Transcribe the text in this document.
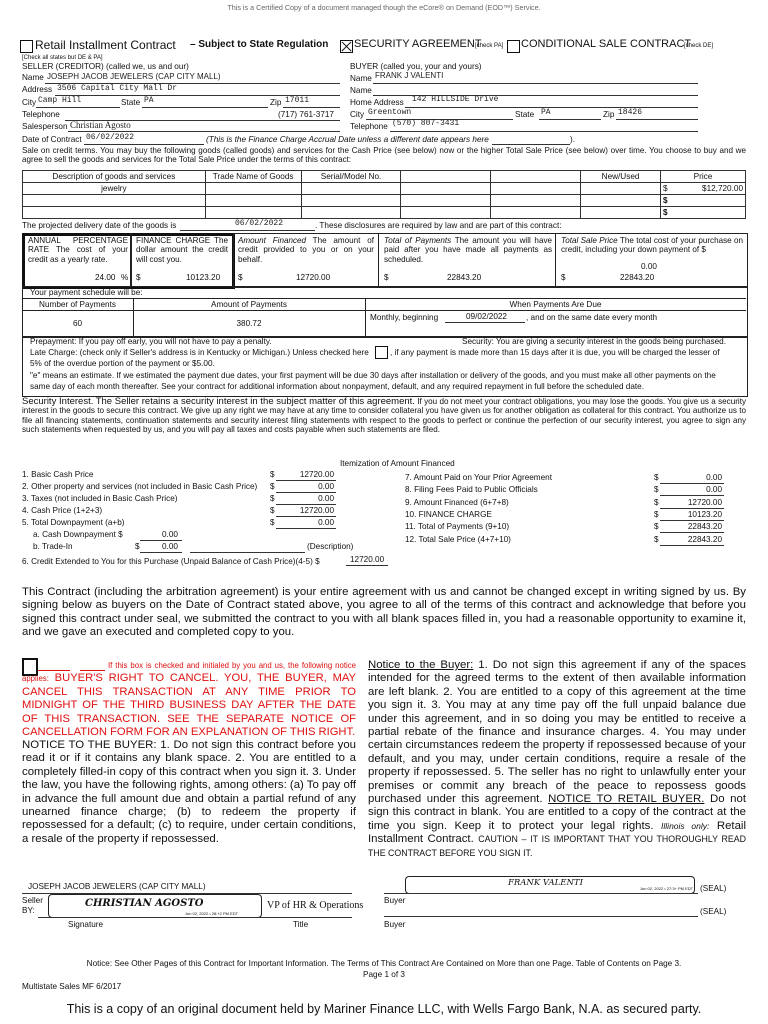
This is a Certified Copy of a document managed though the eCore® on Demand (EOD™) Service.
Retail Installment Contract – Subject to State Regulation SECURITY AGREEMENT
[check PA] CONDITIONAL SALE CONTRACT
[check DE]
[Check all states but DE & PA]
SELLER (CREDITOR) (called we, us and our)
Name JOSEPH JACOB JEWELERS (CAP CITY MALL)
Address 3506 Capital City Mall Dr
City Camp Hill	State PA	Zip 17011
Telephone	(717) 761-3717
Salesperson Christian Agosto
BUYER (called you, your and yours)
Name FRANK J VALENTI
Name
Home Address 142 HILLSIDE Drive
City Greentown	State PA	Zip 18426
Telephone (570) 807-3431
Date of Contract 06/02/2022	(This is the Finance Charge Accrual Date unless a different date appears here	).
Sale on credit terms. You may buy the following goods (called goods) and services for the Cash Price (see below) now or the higher Total Sale Price (see below) over time. You choose to buy and we agree to sell the goods and services for the Total Sale Price under the terms of this contract:
Description of goods and services	Trade Name of Goods	Serial/Model No.			New/Used	Price	
jewelry						$	$12,720.00
						$	
						$	
The projected delivery date of the goods is	06/02/2022	. These disclosures are required by law and are part of this contract:
ANNUAL PERCENTAGE RATE The cost of your credit as a yearly rate.
24.00 %
FINANCE CHARGE The dollar amount the credit will cost you.
$	10123.20
Amount Financed The amount of credit provided to you or on your behalf.
$	12720.00
Total of Payments The amount you will have paid after you have made all payments as scheduled.
$	22843.20
Total Sale Price The total cost of your purchase on credit, including your down payment of $
0.00
$	22843.20
Your payment schedule will be:
Number of Payments	Amount of Payments	When Payments Are Due
60	380.72
Monthly, beginning	09/02/2022 , and on the same date every month
Prepayment: If you pay off early, you will not have to pay a penalty.	Security: You are giving a security interest in the goods being purchased.
Late Charge: (check only if Seller's address is in Kentucky or Michigan.) Unless checked here	, if any payment is made more than 15 days after it is due, you will be charged the lesser of
5% of the overdue portion of the payment or $5.00.
"e" means an estimate. If we estimated the payment due dates, your first payment will be due 30 days after installation or delivery of the goods, and you must make all other payments on the
same day of each month thereafter. See your contract for additional information about nonpayment, default, and any required repayment in full before the scheduled date.
Security Interest. The Seller retains a security interest in the subject matter of this agreement. If you do not meet your contract obligations, you may lose the goods. You give us a security interest in the goods to secure this contract. We give up any right we may have at any time to consider collateral you have given us for another obligation as collateral for this contract. You authorize us to file all financing statements, continuation statements and security interest filing statements with respect to the goods to perfect or continue the perfection of our security interest, you agree to sign any such statements when requested by us, and you will pay all taxes and costs payable when such statements are filed.
Itemization of Amount Financed
1. Basic Cash Price	$	12720.00
2. Other property and services (not included in Basic Cash Price) $	0.00
3. Taxes (not included in Basic Cash Price)	$	0.00
4. Cash Price (1+2+3)	$	12720.00
5. Total Downpayment (a+b)	$	0.00
7. Amount Paid on Your Prior Agreement	$	0.00
8. Filing Fees Paid to Public Officials	$	0.00
9. Amount Financed (6+7+8)	$	12720.00
10. FINANCE CHARGE	$	10123.20
11. Total of Payments (9+10)	$	22843.20
12. Total Sale Price (4+7+10)	$	22843.20
a. Cash Downpayment $	0.00
b. Trade-In	$	0.00	(Description)
6. Credit Extended to You for this Purchase (Unpaid Balance of Cash Price)(4-5) $	12720.00
This Contract (including the arbitration agreement) is your entire agreement with us and cannot be changed except in writing signed by us. By signing below as buyers on the Date of Contract stated above, you agree to all of the terms of this contract and acknowledge that before you signed this contract under seal, we submitted the contract to you with all blank spaces filled in, you had a reasonable opportunity to examine it, and we gave an executed and completed copy to you.
If this box is checked and initialed by you and us, the following notice applies: BUYER'S RIGHT TO CANCEL. YOU, THE BUYER, MAY CANCEL THIS TRANSACTION AT ANY TIME PRIOR TO MIDNIGHT OF THE THIRD BUSINESS DAY AFTER THE DATE OF THIS TRANSACTION. SEE THE SEPARATE NOTICE OF CANCELLATION FORM FOR AN EXPLANATION OF THIS RIGHT.
NOTICE TO THE BUYER: 1. Do not sign this contract before you read it or if it contains any blank space. 2. You are entitled to a completely filled-in copy of this contract when you sign it. 3. Under the law, you have the following rights, among others: (a) To pay off in advance the full amount due and obtain a partial refund of any unearned finance charge; (b) to redeem the property if repossessed for a default; (c) to require, under certain conditions, a resale of the property if repossessed.
Notice to the Buyer: 1. Do not sign this agreement if any of the spaces intended for the agreed terms to the extent of then available information are left blank. 2. You are entitled to a copy of this agreement at the time you sign it. 3. You may at any time pay off the full unpaid balance due under this agreement, and in so doing you may be entitled to receive a partial rebate of the finance and insurance charges. 4. You may under certain circumstances redeem the property if repossessed because of your default, and you may, under certain conditions, require a resale of the property if repossessed. 5. The seller has no right to unlawfully enter your premises or commit any breach of the peace to repossess goods purchased under this agreement. NOTICE TO RETAIL BUYER. Do not sign this contract in blank. You are entitled to a copy of the contract at the time you sign. Keep it to protect your legal rights. Illinois only: Retail Installment Contract. CAUTION – IT IS IMPORTANT THAT YOU THOROUGHLY READ THE CONTRACT BEFORE YOU SIGN IT.
JOSEPH JACOB JEWELERS (CAP CITY MALL)
Seller
BY:
CHRISTIAN AGOSTO
Jun 02, 2022 • 28:+2 PM EDT
VP of HR & Operations
Signature	Title
FRANK VALENTI
Jun 02, 2022 • 27:3+ PM EDT (SEAL)
Buyer
(SEAL)
Buyer
Notice: See Other Pages of this Contract for Important Information. The Terms of This Contract Are Contained on More than one Page. Table of Contents on Page 3.
Page 1 of 3
Multistate Sales MF 6/2017
This is a copy of an original document held by Mariner Finance LLC, with Wells Fargo Bank, N.A. as secured party.
